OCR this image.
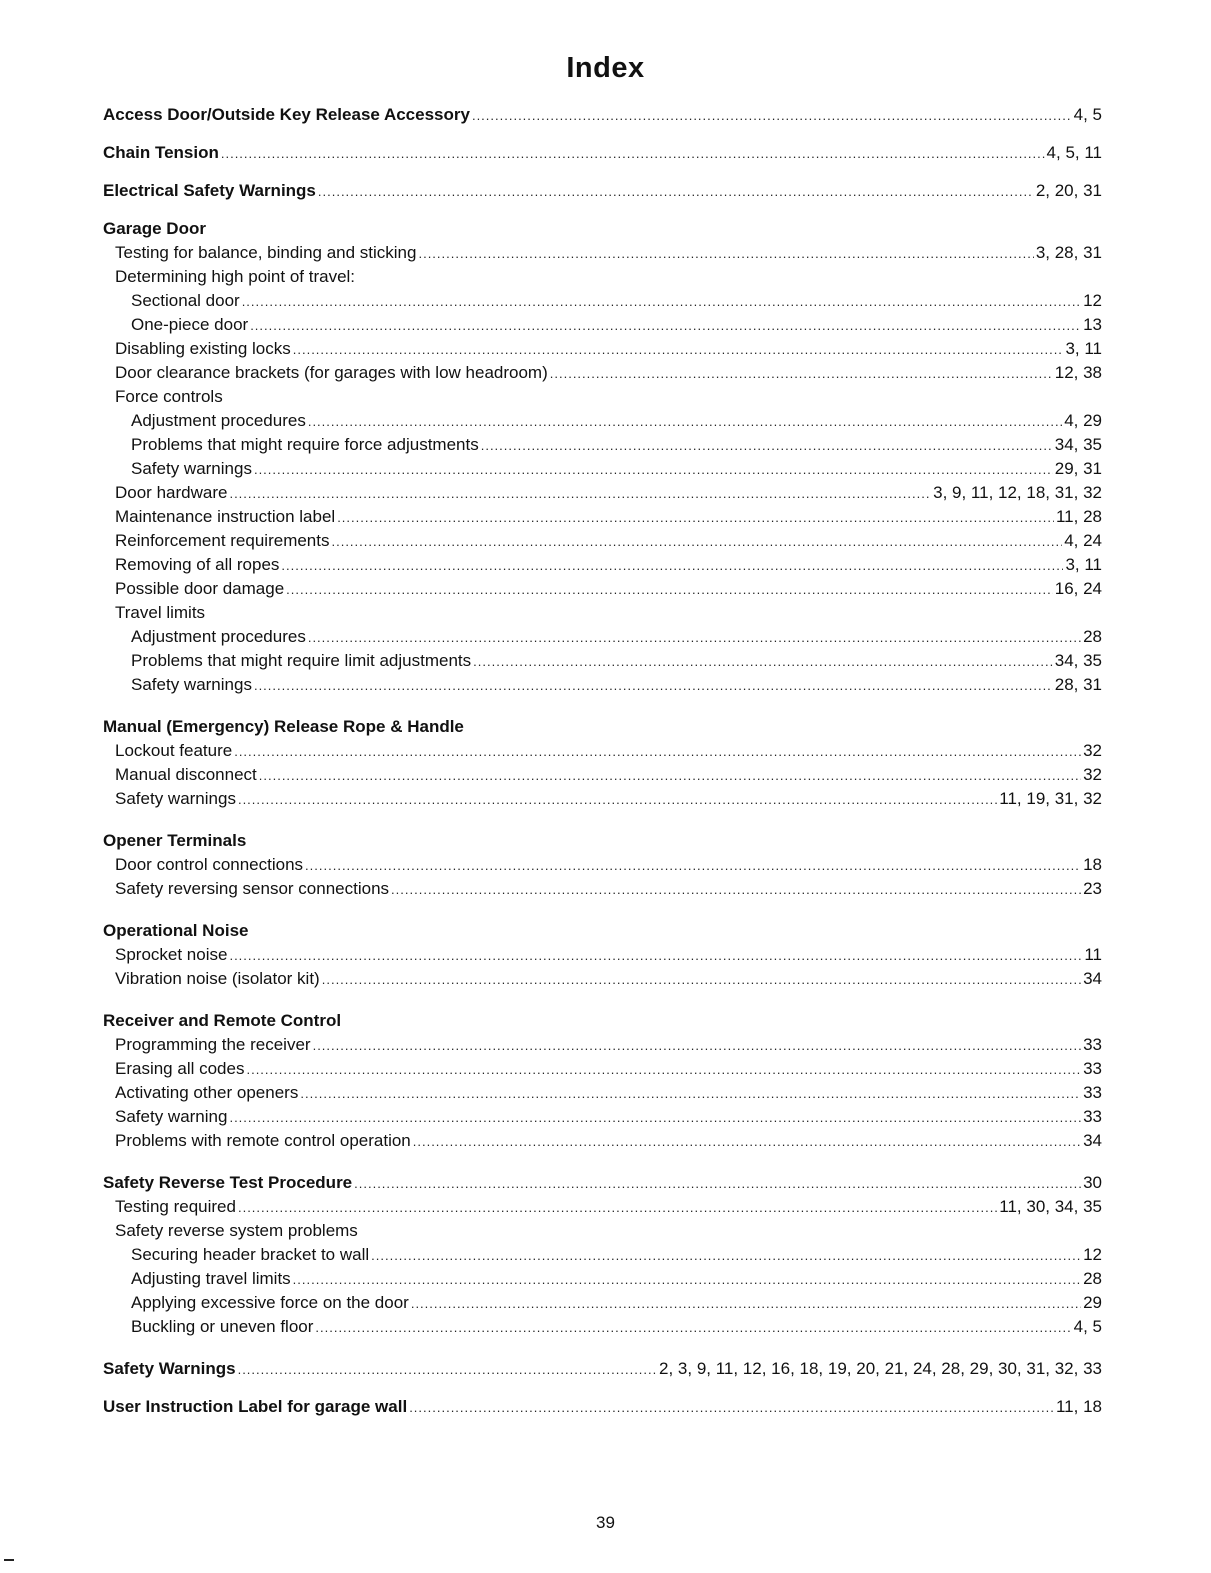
Index
Access Door/Outside Key Release Accessory .....	4, 5
Chain Tension .....	4, 5, 11
Electrical Safety Warnings .....	2, 20, 31
Garage Door
Testing for balance, binding and sticking .....	3, 28, 31
Determining high point of travel:
Sectional door .....	12
One-piece door .....	13
Disabling existing locks .....	3, 11
Door clearance brackets (for garages with low headroom) .....	12, 38
Force controls
Adjustment procedures .....	4, 29
Problems that might require force adjustments .....	34, 35
Safety warnings .....	29, 31
Door hardware .....	3, 9, 11, 12, 18, 31, 32
Maintenance instruction label .....	11, 28
Reinforcement requirements .....	4, 24
Removing of all ropes .....	3, 11
Possible door damage .....	16, 24
Travel limits
Adjustment procedures .....	28
Problems that might require limit adjustments .....	34, 35
Safety warnings .....	28, 31
Manual (Emergency) Release Rope & Handle
Lockout feature .....	32
Manual disconnect .....	32
Safety warnings .....	11, 19, 31, 32
Opener Terminals
Door control connections .....	18
Safety reversing sensor connections .....	23
Operational Noise
Sprocket noise .....	11
Vibration noise (isolator kit) .....	34
Receiver and Remote Control
Programming the receiver .....	33
Erasing all codes .....	33
Activating other openers .....	33
Safety warning .....	33
Problems with remote control operation .....	34
Safety Reverse Test Procedure .....	30
Testing required .....	11, 30, 34, 35
Safety reverse system problems
Securing header bracket to wall .....	12
Adjusting travel limits .....	28
Applying excessive force on the door .....	29
Buckling or uneven floor .....	4, 5
Safety Warnings .....	2, 3, 9, 11, 12, 16, 18, 19, 20, 21, 24, 28, 29, 30, 31, 32, 33
User Instruction Label for garage wall .....	11, 18
39
